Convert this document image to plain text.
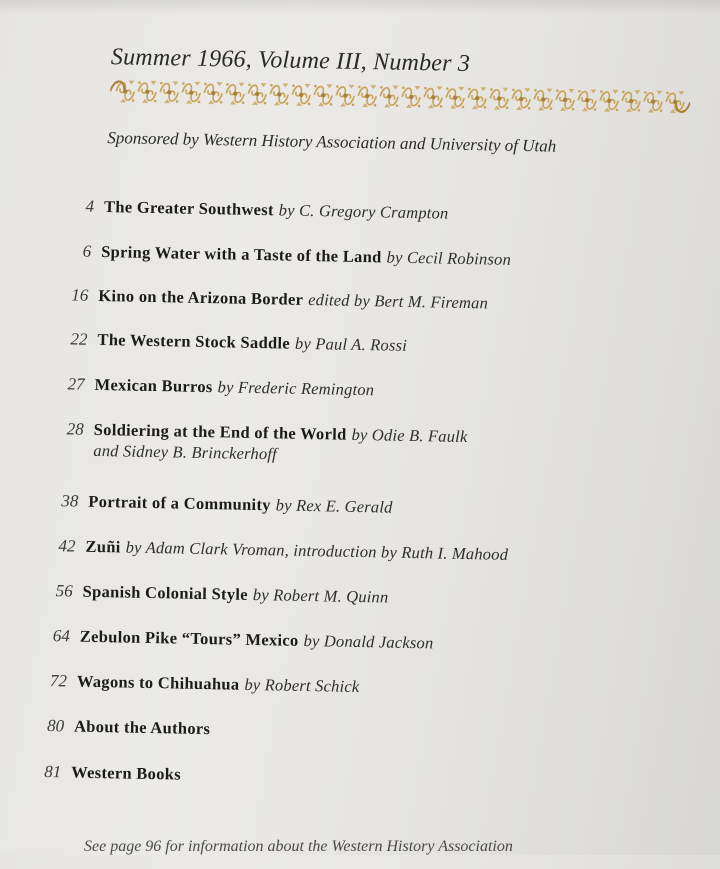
Summer 1966, Volume III, Number 3
Sponsored by Western History Association and University of Utah
4 The Greater Southwest by C. Gregory Crampton
6 Spring Water with a Taste of the Land by Cecil Robinson
16 Kino on the Arizona Border edited by Bert M. Fireman
22 The Western Stock Saddle by Paul A. Rossi
27 Mexican Burros by Frederic Remington
28 Soldiering at the End of the World by Odie B. Faulk
and Sidney B. Brinckerhoff
38 Portrait of a Community by Rex E. Gerald
42 Zuñi by Adam Clark Vroman, introduction by Ruth I. Mahood
56 Spanish Colonial Style by Robert M. Quinn
64 Zebulon Pike “Tours” Mexico by Donald Jackson
72 Wagons to Chihuahua by Robert Schick
80 About the Authors
81 Western Books
See page 96 for information about the Western History Association
